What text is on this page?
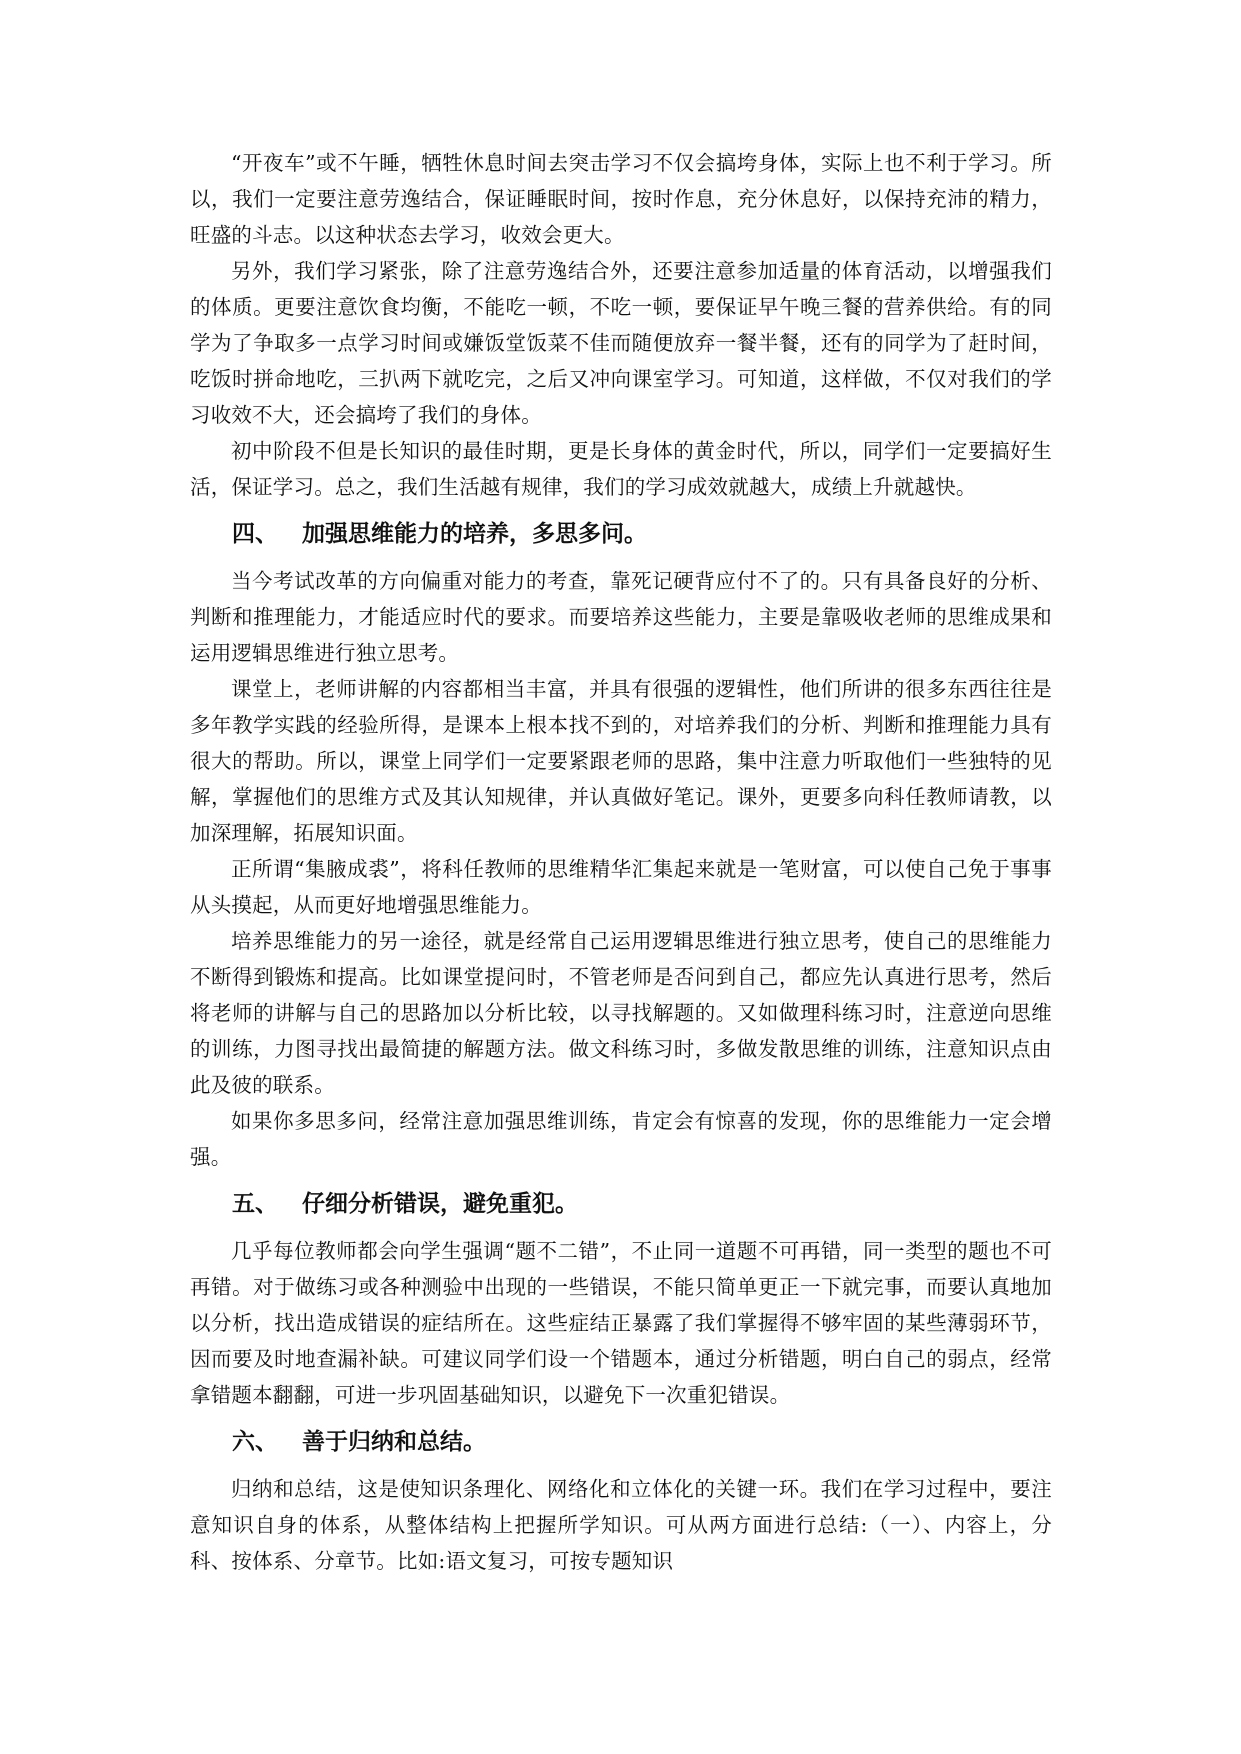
“开夜车”或不午睡，牺牲休息时间去突击学习不仅会搞垮身体，实际上也不利于学习。所以，我们一定要注意劳逸结合，保证睡眠时间，按时作息，充分休息好，以保持充沛的精力，旺盛的斗志。以这种状态去学习，收效会更大。

另外，我们学习紧张，除了注意劳逸结合外，还要注意参加适量的体育活动，以增强我们的体质。更要注意饮食均衡，不能吃一顿，不吃一顿，要保证早午晚三餐的营养供给。有的同学为了争取多一点学习时间或嫌饭堂饭菜不佳而随便放弃一餐半餐，还有的同学为了赶时间，吃饭时拼命地吃，三扒两下就吃完，之后又冲向课室学习。可知道，这样做，不仅对我们的学习收效不大，还会搞垮了我们的身体。

初中阶段不但是长知识的最佳时期，更是长身体的黄金时代，所以，同学们一定要搞好生活，保证学习。总之，我们生活越有规律，我们的学习成效就越大，成绩上升就越快。

四、 加强思维能力的培养，多思多问。

当今考试改革的方向偏重对能力的考查，靠死记硬背应付不了的。只有具备良好的分析、判断和推理能力，才能适应时代的要求。而要培养这些能力，主要是靠吸收老师的思维成果和运用逻辑思维进行独立思考。

课堂上，老师讲解的内容都相当丰富，并具有很强的逻辑性，他们所讲的很多东西往往是多年教学实践的经验所得，是课本上根本找不到的，对培养我们的分析、判断和推理能力具有很大的帮助。所以，课堂上同学们一定要紧跟老师的思路，集中注意力听取他们一些独特的见解，掌握他们的思维方式及其认知规律，并认真做好笔记。课外，更要多向科任教师请教，以加深理解，拓展知识面。

正所谓“集腋成裘”，将科任教师的思维精华汇集起来就是一笔财富，可以使自己免于事事从头摸起，从而更好地增强思维能力。

培养思维能力的另一途径，就是经常自己运用逻辑思维进行独立思考，使自己的思维能力不断得到锻炼和提高。比如课堂提问时，不管老师是否问到自己，都应先认真进行思考，然后将老师的讲解与自己的思路加以分析比较，以寻找解题的。又如做理科练习时，注意逆向思维的训练，力图寻找出最简捷的解题方法。做文科练习时，多做发散思维的训练，注意知识点由此及彼的联系。

如果你多思多问，经常注意加强思维训练，肯定会有惊喜的发现，你的思维能力一定会增强。

五、 仔细分析错误，避免重犯。

几乎每位教师都会向学生强调“题不二错”，不止同一道题不可再错，同一类型的题也不可再错。对于做练习或各种测验中出现的一些错误，不能只简单更正一下就完事，而要认真地加以分析，找出造成错误的症结所在。这些症结正暴露了我们掌握得不够牢固的某些薄弱环节，因而要及时地查漏补缺。可建议同学们设一个错题本，通过分析错题，明白自己的弱点，经常拿错题本翻翻，可进一步巩固基础知识，以避免下一次重犯错误。

六、 善于归纳和总结。

归纳和总结，这是使知识条理化、网络化和立体化的关键一环。我们在学习过程中，要注意知识自身的体系，从整体结构上把握所学知识。可从两方面进行总结:（一）、内容上，分科、按体系、分章节。比如:语文复习，可按专题知识
